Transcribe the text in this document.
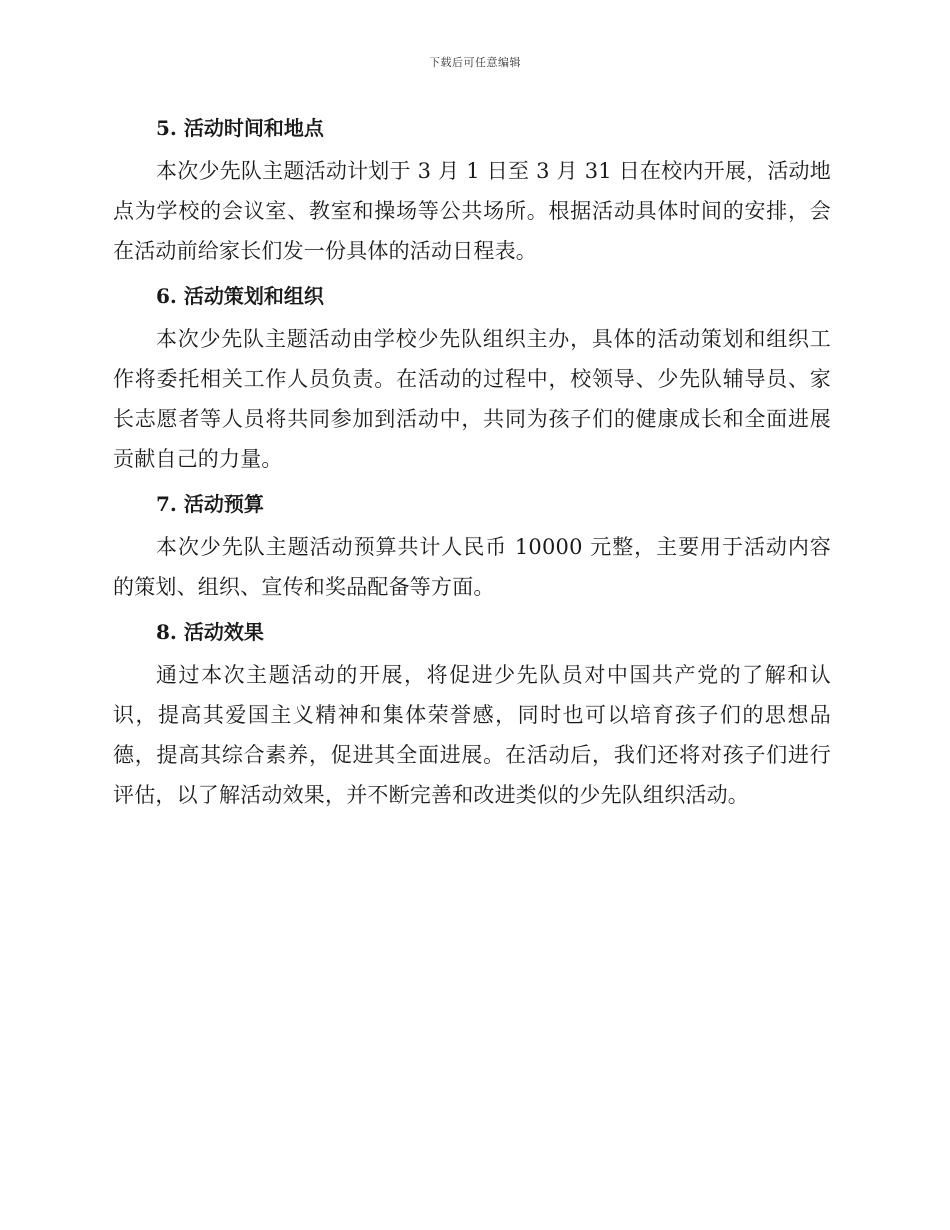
下载后可任意编辑
5. 活动时间和地点

本次少先队主题活动计划于 3 月 1 日至 3 月 31 日在校内开展，活动地点为学校的会议室、教室和操场等公共场所。根据活动具体时间的安排，会在活动前给家长们发一份具体的活动日程表。

6. 活动策划和组织

本次少先队主题活动由学校少先队组织主办，具体的活动策划和组织工作将委托相关工作人员负责。在活动的过程中，校领导、少先队辅导员、家长志愿者等人员将共同参加到活动中，共同为孩子们的健康成长和全面进展贡献自己的力量。

7. 活动预算

本次少先队主题活动预算共计人民币 10000 元整，主要用于活动内容的策划、组织、宣传和奖品配备等方面。

8. 活动效果

通过本次主题活动的开展，将促进少先队员对中国共产党的了解和认识，提高其爱国主义精神和集体荣誉感，同时也可以培育孩子们的思想品德，提高其综合素养，促进其全面进展。在活动后，我们还将对孩子们进行评估，以了解活动效果，并不断完善和改进类似的少先队组织活动。
